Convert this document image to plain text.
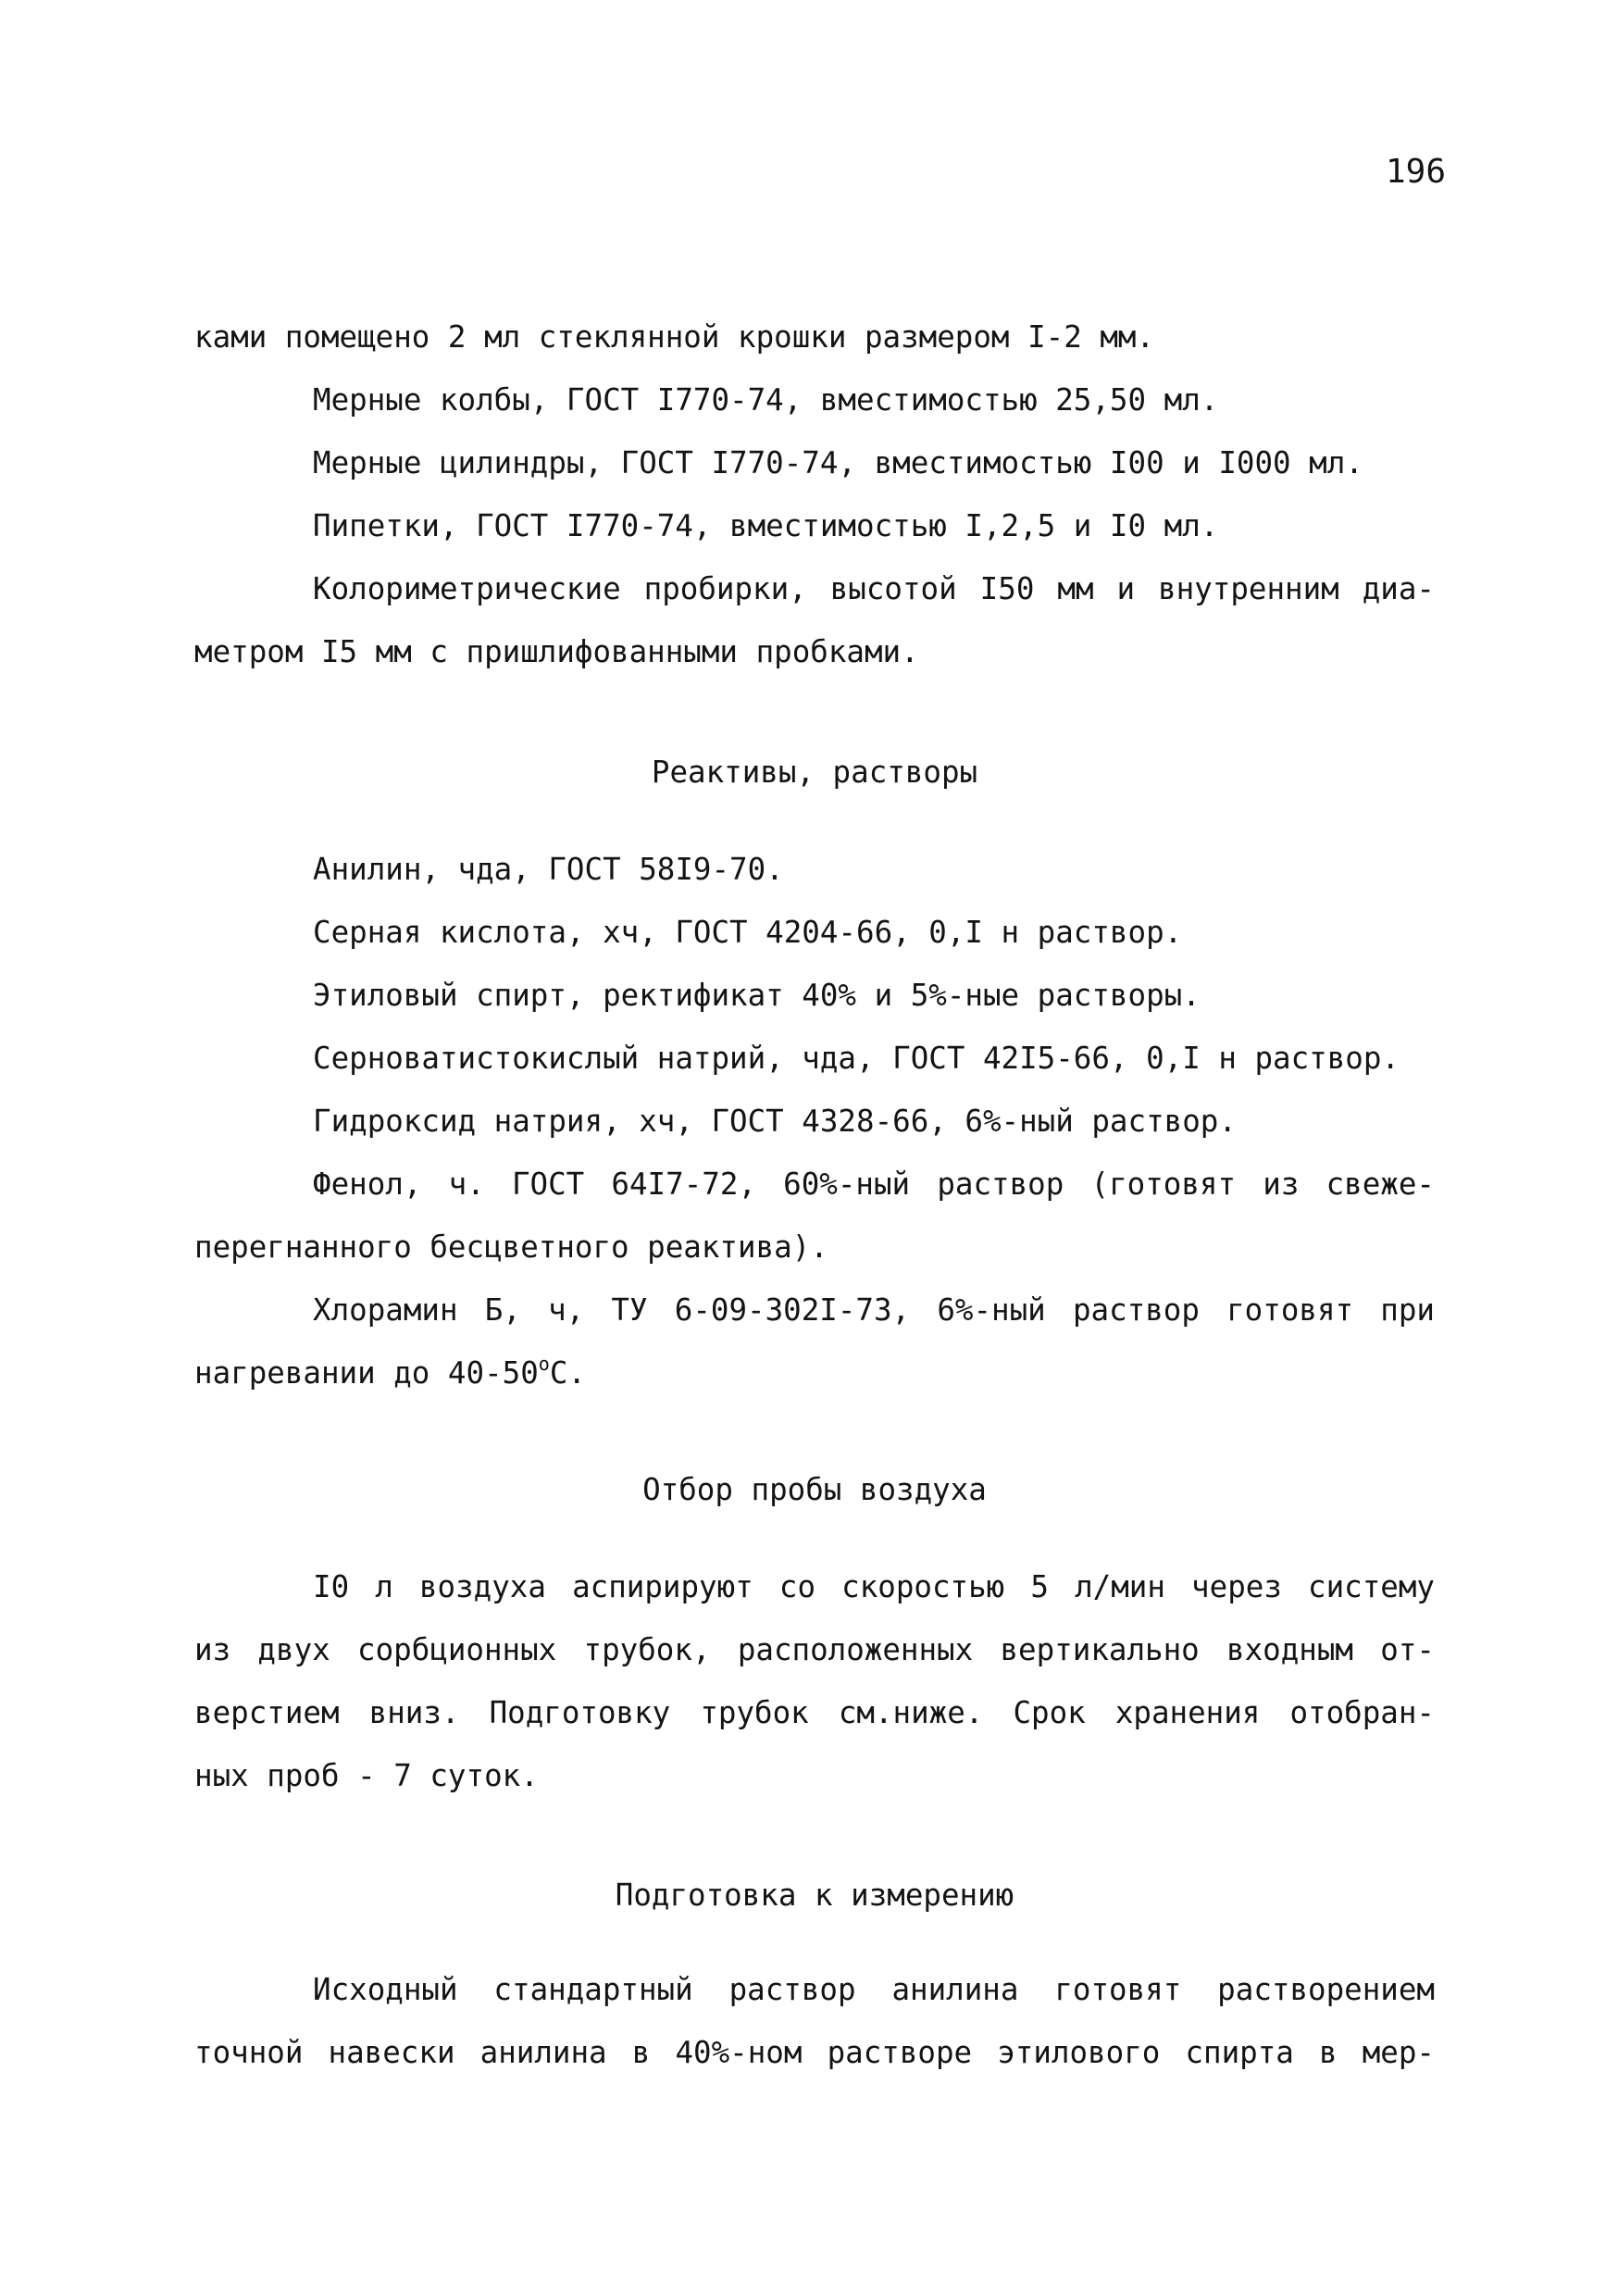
196

ками помещено 2 мл стеклянной крошки размером I-2 мм.

Мерные колбы, ГОСТ I770-74, вместимостью 25,50 мл.

Мерные цилиндры, ГОСТ I770-74, вместимостью I00 и I000 мл.

Пипетки, ГОСТ I770-74, вместимостью I,2,5 и I0 мл.

Колориметрические пробирки, высотой I50 мм и внутренним диа-

метром I5 мм с пришлифованными пробками.

Реактивы, растворы

Анилин, чда, ГОСТ 58I9-70.

Серная кислота, хч, ГОСТ 4204-66, 0,I н раствор.

Этиловый спирт, ректификат 40% и 5%-ные растворы.

Серноватистокислый натрий, чда, ГОСТ 42I5-66, 0,I н раствор.

Гидроксид натрия, хч, ГОСТ 4328-66, 6%-ный раствор.

Фенол, ч. ГОСТ 64I7-72, 60%-ный раствор (готовят из свеже-

перегнанного бесцветного реактива).

Хлорамин Б, ч, ТУ 6-09-302I-73, 6%-ный раствор готовят при

нагревании до 40-50$^o$С.

Отбор пробы воздуха

I0 л воздуха аспирируют со скоростью 5 л/мин через систему

из двух сорбционных трубок, расположенных вертикально входным от-

верстием вниз. Подготовку трубок см.ниже. Срок хранения отобран-

ных проб - 7 суток.

Подготовка к измерению

Исходный стандартный раствор анилина готовят растворением

точной навески анилина в 40%-ном растворе этилового спирта в мер-
